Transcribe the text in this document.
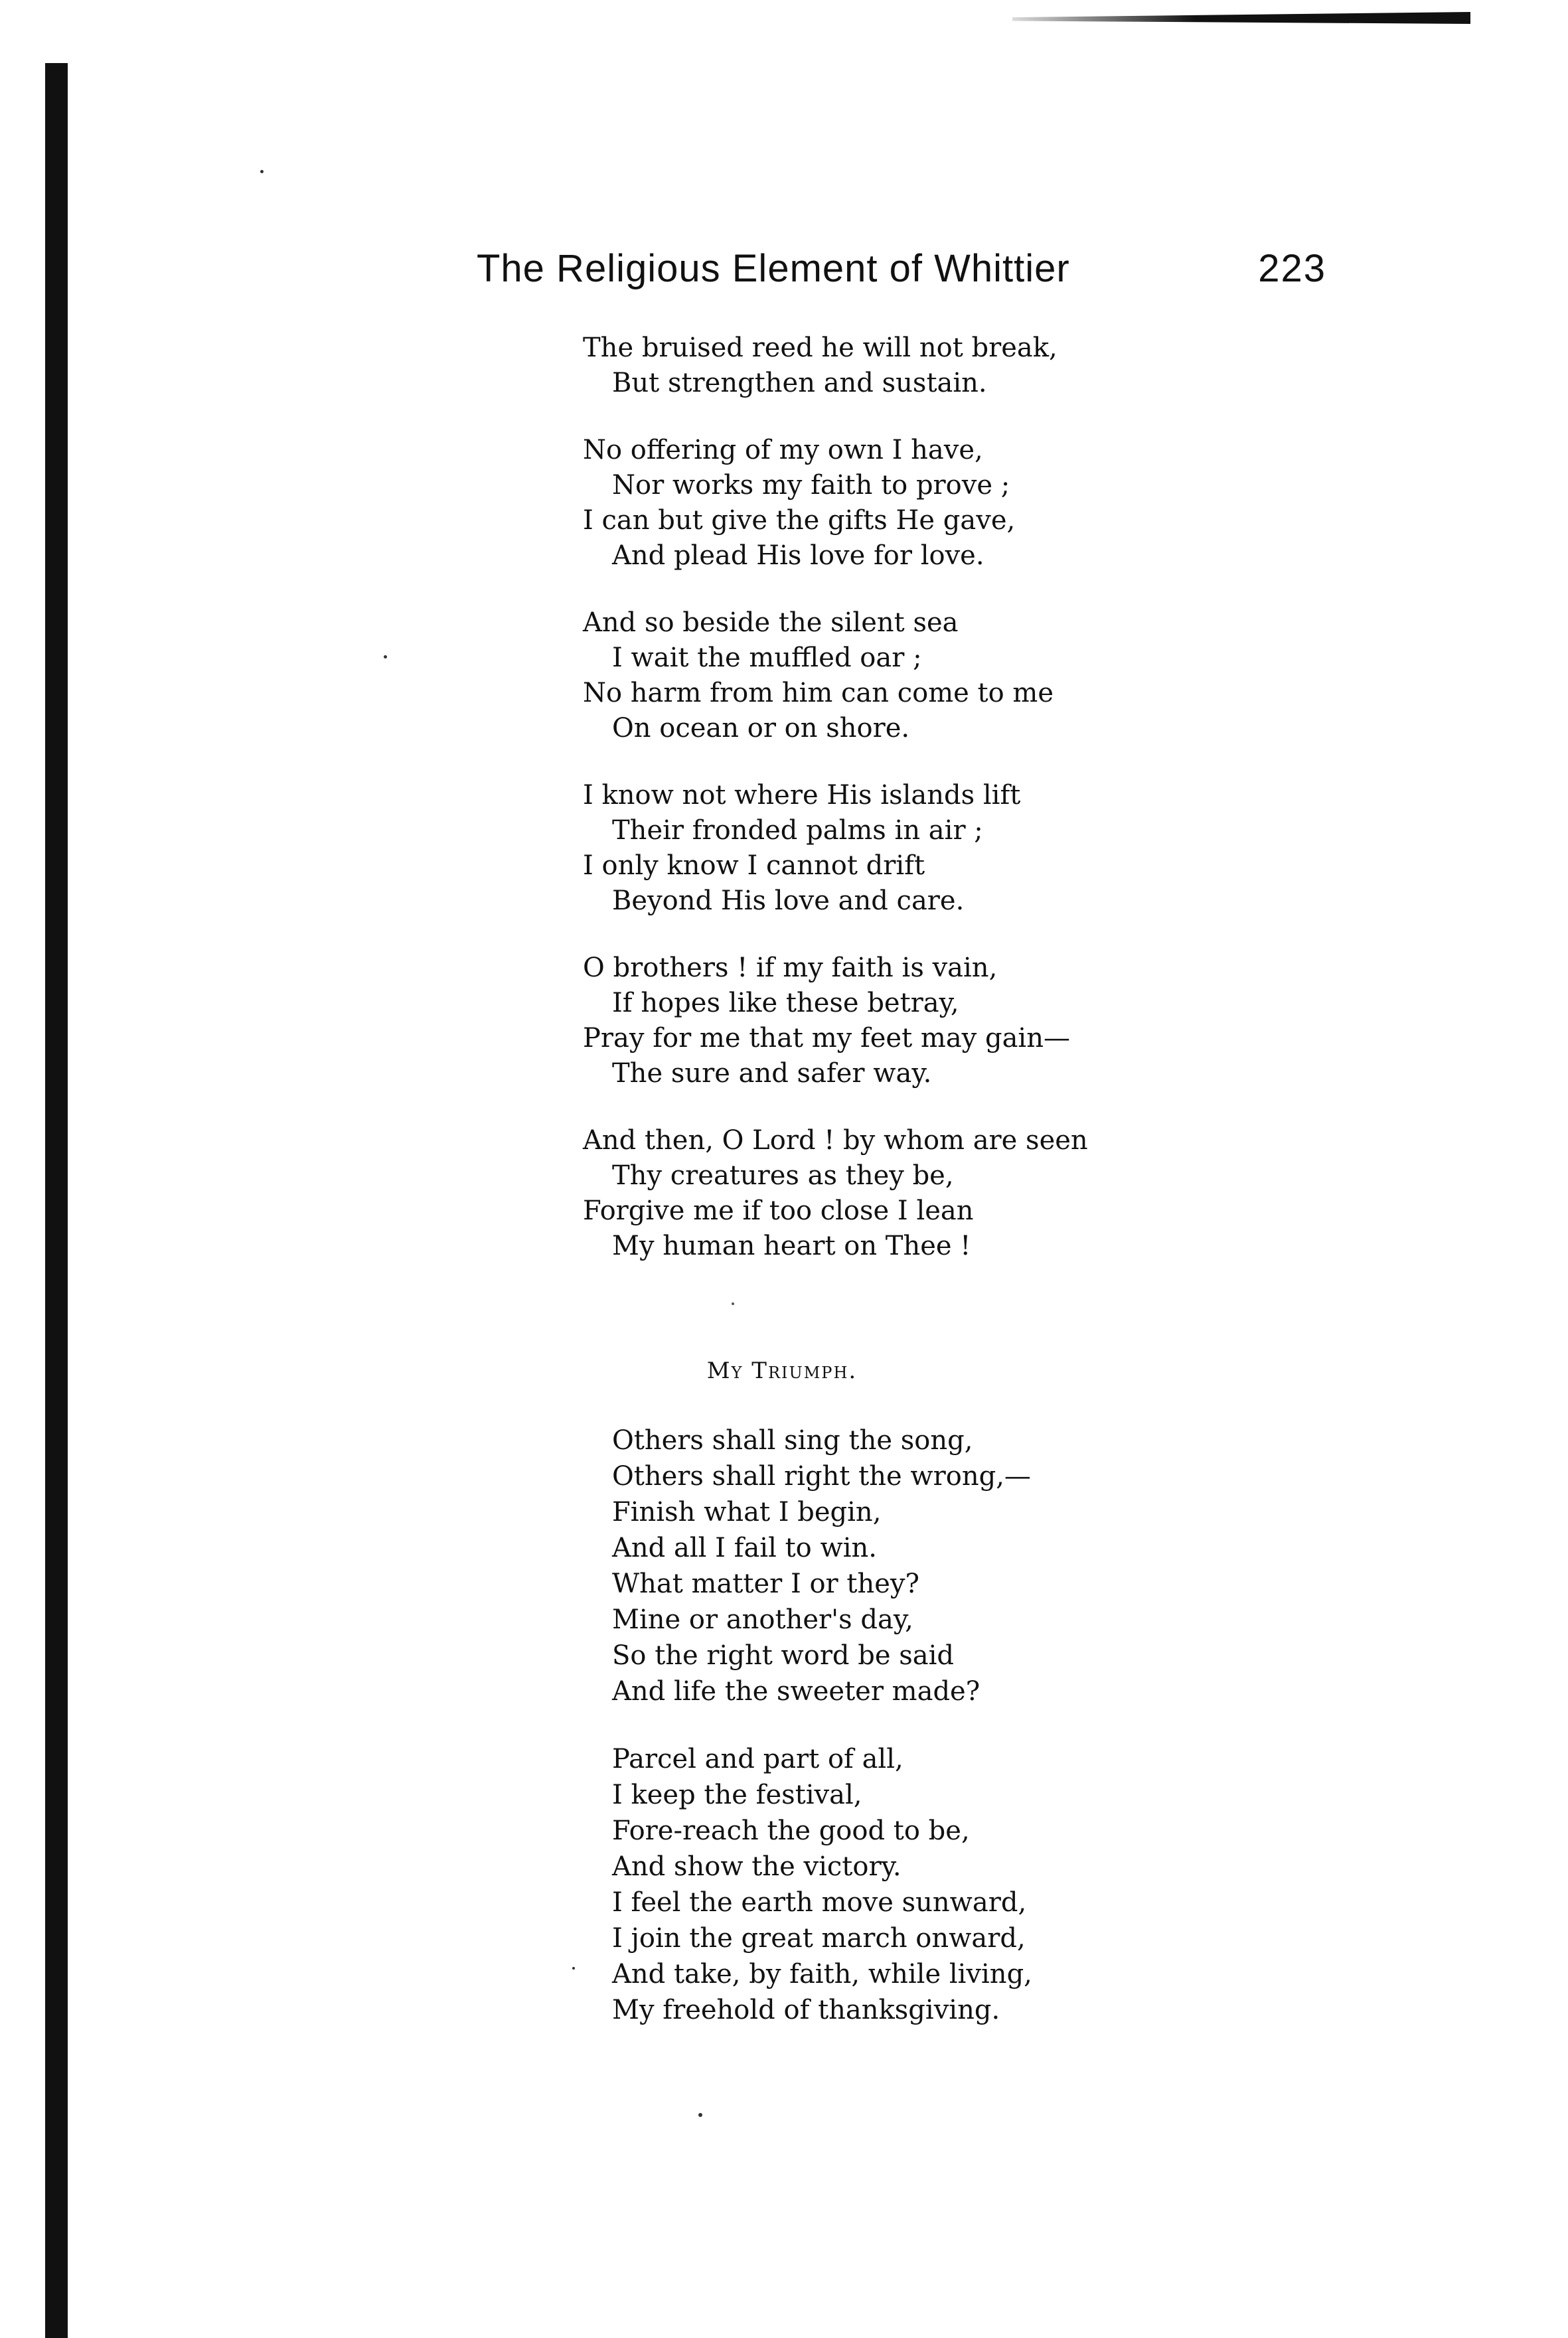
The Religious Element of Whittier	223
The bruised reed he will not break,
But strengthen and sustain.
No offering of my own I have,
Nor works my faith to prove ;
I can but give the gifts He gave,
And plead His love for love.
And so beside the silent sea
I wait the muffled oar ;
No harm from him can come to me
On ocean or on shore.
I know not where His islands lift
Their fronded palms in air ;
I only know I cannot drift
Beyond His love and care.
O brothers ! if my faith is vain,
If hopes like these betray,
Pray for me that my feet may gain—
The sure and safer way.
And then, O Lord ! by whom are seen
Thy creatures as they be,
Forgive me if too close I lean
My human heart on Thee !
My Triumph.
Others shall sing the song,
Others shall right the wrong,—
Finish what I begin,
And all I fail to win.
What matter I or they?
Mine or another's day,
So the right word be said
And life the sweeter made?
Parcel and part of all,
I keep the festival,
Fore-reach the good to be,
And show the victory.
I feel the earth move sunward,
I join the great march onward,
And take, by faith, while living,
My freehold of thanksgiving.
